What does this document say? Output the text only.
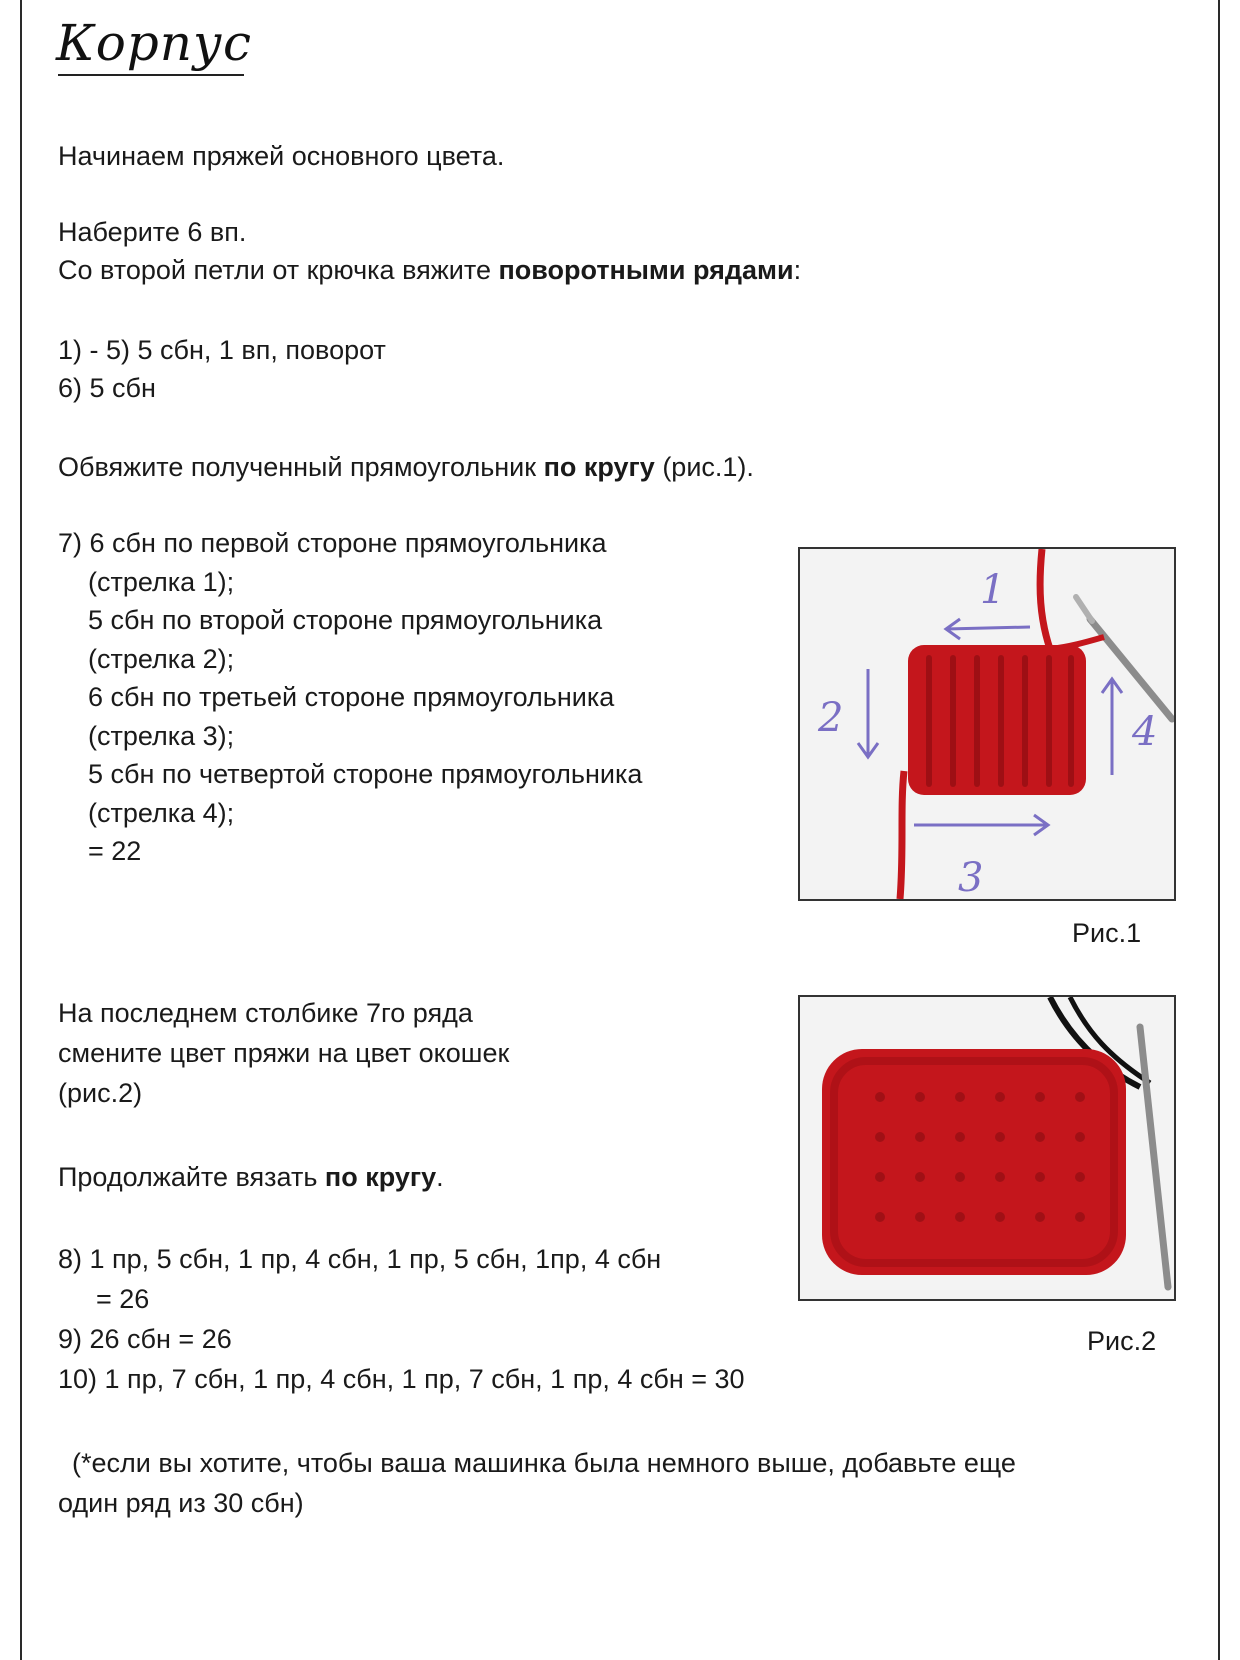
Корпус
Начинаем пряжей основного цвета.
Наберите 6 вп.
Со второй петли от крючка вяжите поворотными рядами:
1) - 5) 5 сбн, 1 вп, поворот
6) 5 сбн
Обвяжите полученный прямоугольник по кругу (рис.1).
7) 6 сбн по первой стороне прямоугольника
(стрелка 1);
5 сбн по второй стороне прямоугольника
(стрелка 2);
6 сбн по третьей стороне прямоугольника
(стрелка 3);
5 сбн по четвертой стороне прямоугольника
(стрелка 4);
= 22
1
2
3
4
Рис.1
На последнем столбике 7го ряда
смените цвет пряжи на цвет окошек
(рис.2)
Продолжайте вязать по кругу.
8) 1 пр, 5 сбн, 1 пр, 4 сбн, 1 пр, 5 сбн, 1пр, 4 сбн
= 26
9) 26 сбн = 26	Рис.2
10) 1 пр, 7 сбн, 1 пр, 4 сбн, 1 пр, 7 сбн, 1 пр, 4 сбн = 30
(*если вы хотите, чтобы ваша машинка была немного выше, добавьте еще
один ряд из 30 сбн)
